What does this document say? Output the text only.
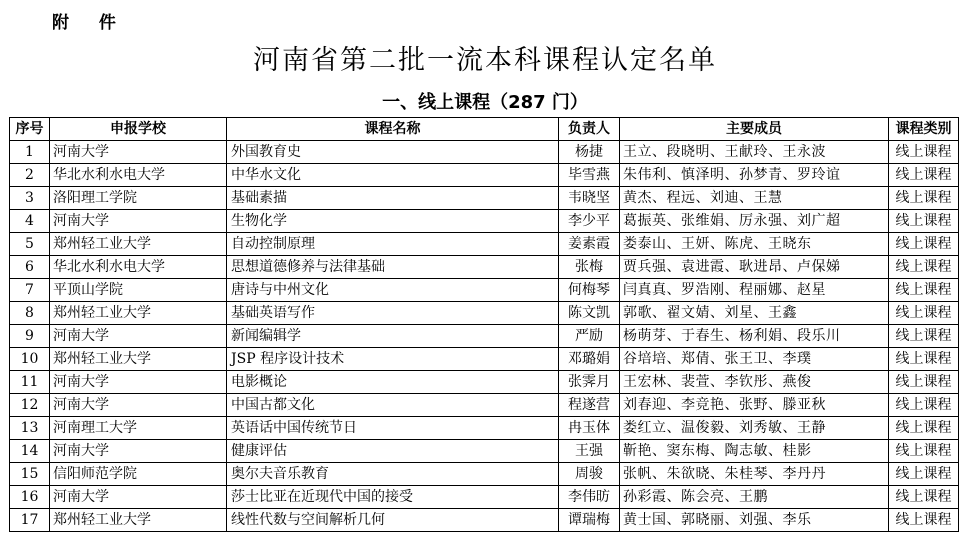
附 件
河南省第二批一流本科课程认定名单
一、线上课程（287 门）
序号	申报学校	课程名称	负责人	主要成员	课程类别
1	河南大学	外国教育史	杨捷	王立、段晓明、王献玲、王永波	线上课程
2	华北水利水电大学	中华水文化	毕雪燕	朱伟利、慎泽明、孙梦青、罗玲谊	线上课程
3	洛阳理工学院	基础素描	韦晓坚	黄杰、程远、刘迪、王慧	线上课程
4	河南大学	生物化学	李少平	葛振英、张维娟、厉永强、刘广超	线上课程
5	郑州轻工业大学	自动控制原理	姜素霞	娄泰山、王妍、陈虎、王晓东	线上课程
6	华北水利水电大学	思想道德修养与法律基础	张梅	贾兵强、袁进霞、耿进昂、卢保娣	线上课程
7	平顶山学院	唐诗与中州文化	何梅琴	闫真真、罗浩刚、程丽娜、赵星	线上课程
8	郑州轻工业大学	基础英语写作	陈文凯	郭歌、翟文婧、刘星、王鑫	线上课程
9	河南大学	新闻编辑学	严励	杨萌芽、于春生、杨利娟、段乐川	线上课程
10	郑州轻工业大学	JSP 程序设计技术	邓璐娟	谷培培、郑倩、张王卫、李璞	线上课程
11	河南大学	电影概论	张霁月	王宏林、裴萱、李钦彤、燕俊	线上课程
12	河南大学	中国古都文化	程遂营	刘春迎、李竞艳、张野、滕亚秋	线上课程
13	河南理工大学	英语话中国传统节日	冉玉体	娄红立、温俊毅、刘秀敏、王静	线上课程
14	河南大学	健康评估	王强	靳艳、窦东梅、陶志敏、桂影	线上课程
15	信阳师范学院	奥尔夫音乐教育	周骏	张帆、朱欲晓、朱桂琴、李丹丹	线上课程
16	河南大学	莎士比亚在近现代中国的接受	李伟昉	孙彩霞、陈会亮、王鹏	线上课程
17	郑州轻工业大学	线性代数与空间解析几何	谭瑞梅	黄士国、郭晓丽、刘强、李乐	线上课程
